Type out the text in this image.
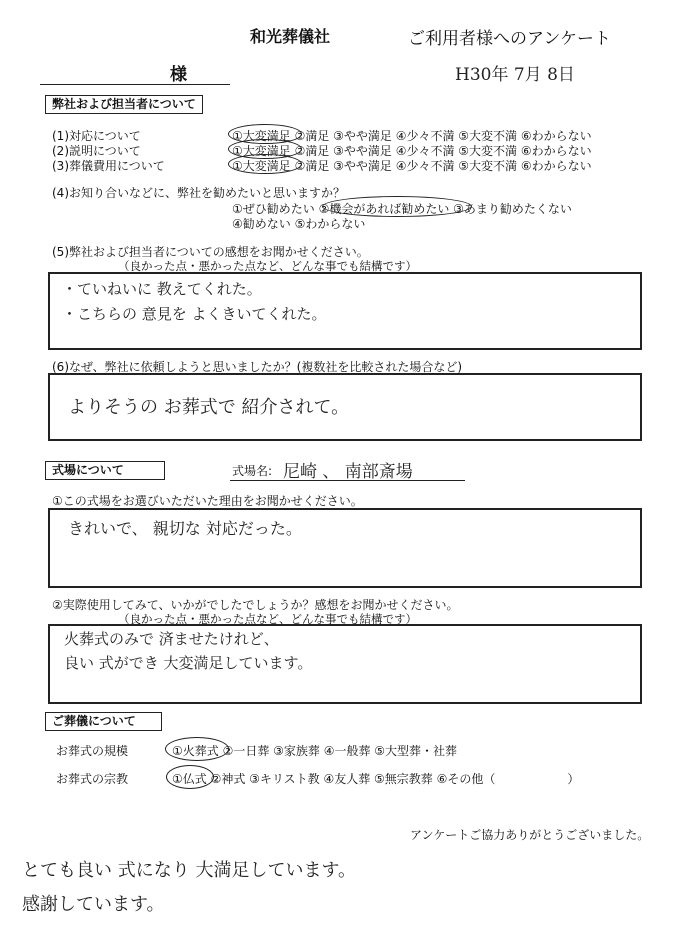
和光葬儀社	ご利用者様へのアンケート
様	H30年 7月 8日
弊社および担当者について
(1)対応について	①大変満足 ②満足 ③やや満足 ④少々不満 ⑤大変不満 ⑥わからない
(2)説明について	①大変満足 ②満足 ③やや満足 ④少々不満 ⑤大変不満 ⑥わからない
(3)葬儀費用について	①大変満足 ②満足 ③やや満足 ④少々不満 ⑤大変不満 ⑥わからない
(4)お知り合いなどに、弊社を勧めたいと思いますか？
①ぜひ勧めたい ②機会があれば勧めたい ③あまり勧めたくない
④勧めない ⑤わからない
(5)弊社および担当者についての感想をお聞かせください。
（良かった点・悪かった点など、どんな事でも結構です）
・ていねいに 教えてくれた。
・こちらの 意見を よくきいてくれた。
(6)なぜ、弊社に依頼しようと思いましたか？(複数社を比較された場合など)
よりそうの お葬式で 紹介されて。
式場について	式場名: 尼崎 、 南部斎場
①この式場をお選びいただいた理由をお聞かせください。
きれいで、 親切な 対応だった。
②実際使用してみて、いかがでしたでしょうか？感想をお聞かせください。
（良かった点・悪かった点など、どんな事でも結構です）
火葬式のみで 済ませたけれど、
良い 式ができ 大変満足しています。
ご葬儀について
お葬式の規模	①火葬式 ②一日葬 ③家族葬 ④一般葬 ⑤大型葬・社葬
お葬式の宗教	①仏式 ②神式 ③キリスト教 ④友人葬 ⑤無宗教葬 ⑥その他（　　　　　　）
アンケートご協力ありがとうございました。
とても良い 式になり 大満足しています。
感謝しています。
